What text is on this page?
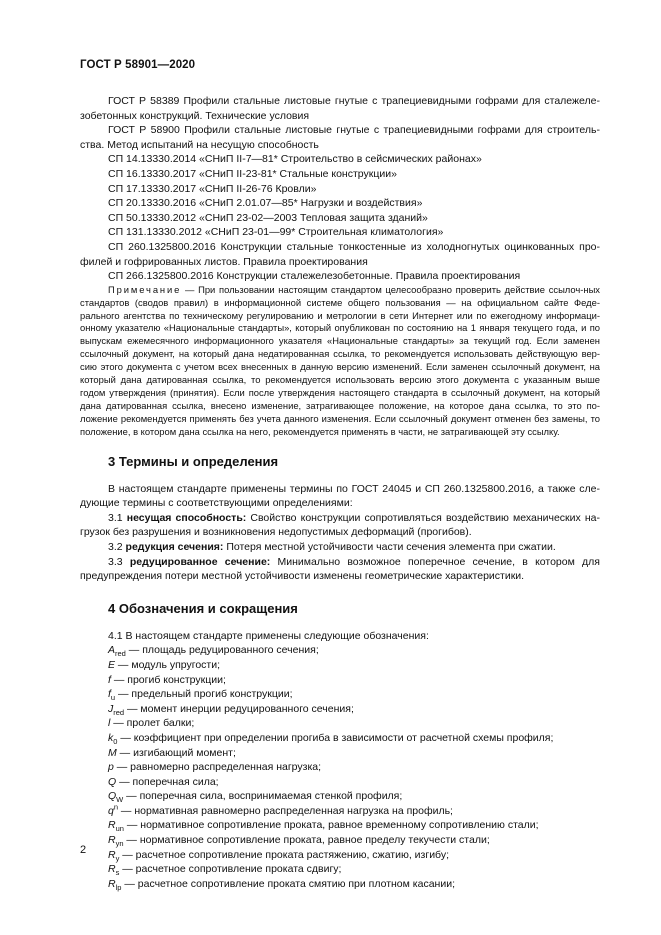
ГОСТ Р 58901—2020

ГОСТ Р 58389 Профили стальные листовые гнутые с трапециевидными гофрами для сталежеле-зобетонных конструкций. Технические условия

ГОСТ Р 58900 Профили стальные листовые гнутые с трапециевидными гофрами для строитель-ства. Метод испытаний на несущую способность

СП 14.13330.2014 «СНиП II-7—81* Строительство в сейсмических районах»

СП 16.13330.2017 «СНиП II-23-81* Стальные конструкции»

СП 17.13330.2017 «СНиП II-26-76 Кровли»

СП 20.13330.2016 «СНиП 2.01.07—85* Нагрузки и воздействия»

СП 50.13330.2012 «СНиП 23-02—2003 Тепловая защита зданий»

СП 131.13330.2012 «СНиП 23-01—99* Строительная климатология»

СП 260.1325800.2016 Конструкции стальные тонкостенные из холодногнутых оцинкованных про-филей и гофрированных листов. Правила проектирования

СП 266.1325800.2016 Конструкции сталежелезобетонные. Правила проектирования

Примечание — При пользовании настоящим стандартом целесообразно проверить действие ссылоч-ных стандартов (сводов правил) в информационной системе общего пользования — на официальном сайте Феде-рального агентства по техническому регулированию и метрологии в сети Интернет или по ежегодному информаци-онному указателю «Национальные стандарты», который опубликован по состоянию на 1 января текущего года, и по выпускам ежемесячного информационного указателя «Национальные стандарты» за текущий год. Если заменен ссылочный документ, на который дана недатированная ссылка, то рекомендуется использовать действующую вер-сию этого документа с учетом всех внесенных в данную версию изменений. Если заменен ссылочный документ, на который дана датированная ссылка, то рекомендуется использовать версию этого документа с указанным выше годом утверждения (принятия). Если после утверждения настоящего стандарта в ссылочный документ, на который дана датированная ссылка, внесено изменение, затрагивающее положение, на которое дана ссылка, то это по-ложение рекомендуется применять без учета данного изменения. Если ссылочный документ отменен без замены, то положение, в котором дана ссылка на него, рекомендуется применять в части, не затрагивающей эту ссылку.

3 Термины и определения

В настоящем стандарте применены термины по ГОСТ 24045 и СП 260.1325800.2016, а также сле-дующие термины с соответствующими определениями:

3.1 несущая способность: Свойство конструкции сопротивляться воздействию механических на-грузок без разрушения и возникновения недопустимых деформаций (прогибов).

3.2 редукция сечения: Потеря местной устойчивости части сечения элемента при сжатии.

3.3 редуцированное сечение: Минимально возможное поперечное сечение, в котором для предупреждения потери местной устойчивости изменены геометрические характеристики.

4 Обозначения и сокращения

4.1 В настоящем стандарте применены следующие обозначения:

$A_{red}$ — площадь редуцированного сечения;

E — модуль упругости;

f — прогиб конструкции;

$f_u$ — предельный прогиб конструкции;

$J_{red}$ — момент инерции редуцированного сечения;

l — пролет балки;

$k_0$ — коэффициент при определении прогиба в зависимости от расчетной схемы профиля;

M — изгибающий момент;

p — равномерно распределенная нагрузка;

Q — поперечная сила;

$Q_W$ — поперечная сила, воспринимаемая стенкой профиля;

$q^n$ — нормативная равномерно распределенная нагрузка на профиль;

$R_{un}$ — нормативное сопротивление проката, равное временному сопротивлению стали;

$R_{yn}$ — нормативное сопротивление проката, равное пределу текучести стали;

$R_y$ — расчетное сопротивление проката растяжению, сжатию, изгибу;

$R_s$ — расчетное сопротивление проката сдвигу;

$R_{lp}$ — расчетное сопротивление проката смятию при плотном касании;

2
